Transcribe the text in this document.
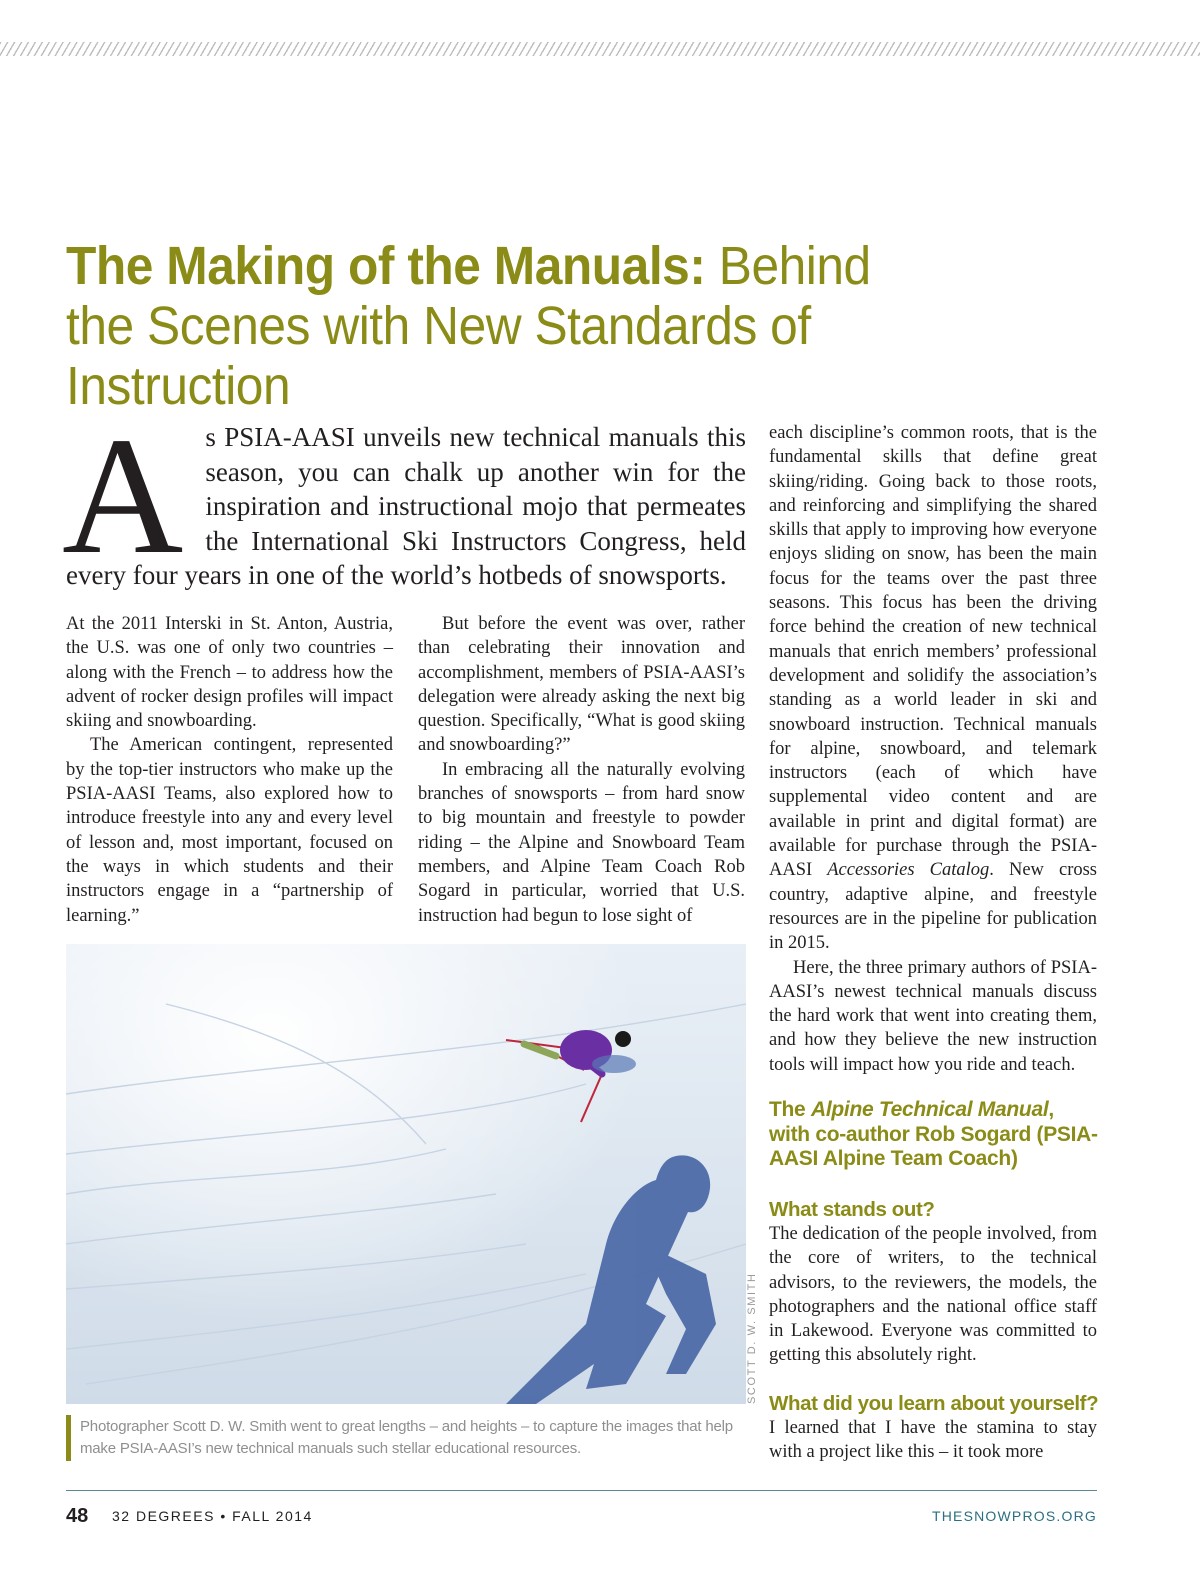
The Making of the Manuals: Behind the Scenes with New Standards of Instruction

As PSIA-AASI unveils new technical manuals this season, you can chalk up another win for the inspiration and instructional mojo that permeates the International Ski Instructors Congress, held every four years in one of the world’s hotbeds of snowsports.

At the 2011 Interski in St. Anton, Austria, the U.S. was one of only two countries – along with the French – to address how the advent of rocker design profiles will impact skiing and snowboarding.

The American contingent, represented by the top-tier instructors who make up the PSIA-AASI Teams, also explored how to introduce freestyle into any and every level of lesson and, most important, focused on the ways in which students and their instructors engage in a “partnership of learning.”

But before the event was over, rather than celebrating their innovation and accomplishment, members of PSIA-AASI’s delegation were already asking the next big question. Specifically, “What is good skiing and snowboarding?”

In embracing all the naturally evolving branches of snowsports – from hard snow to big mountain and freestyle to powder riding – the Alpine and Snowboard Team members, and Alpine Team Coach Rob Sogard in particular, worried that U.S. instruction had begun to lose sight of

each discipline’s common roots, that is the fundamental skills that define great skiing/riding. Going back to those roots, and reinforcing and simplifying the shared skills that apply to improving how everyone enjoys sliding on snow, has been the main focus for the teams over the past three seasons. This focus has been the driving force behind the creation of new technical manuals that enrich members’ professional development and solidify the association’s standing as a world leader in ski and snowboard instruction. Technical manuals for alpine, snowboard, and telemark instructors (each of which have supplemental video content and are available in print and digital format) are available for purchase through the PSIA-AASI Accessories Catalog. New cross country, adaptive alpine, and freestyle resources are in the pipeline for publication in 2015.

Here, the three primary authors of PSIA-AASI’s newest technical manuals discuss the hard work that went into creating them, and how they believe the new instruction tools will impact how you ride and teach.

The Alpine Technical Manual, with co-author Rob Sogard (PSIA-AASI Alpine Team Coach)
What stands out?

The dedication of the people involved, from the core of writers, to the technical advisors, to the reviewers, the models, the photographers and the national office staff in Lakewood. Everyone was committed to getting this absolutely right.

What did you learn about yourself?

I learned that I have the stamina to stay with a project like this – it took more

SCOTT D. W. SMITH

Photographer Scott D. W. Smith went to great lengths – and heights – to capture the images that help make PSIA-AASI’s new technical manuals such stellar educational resources.

48 32 DEGREES • FALL 2014	THESNOWPROS.ORG
